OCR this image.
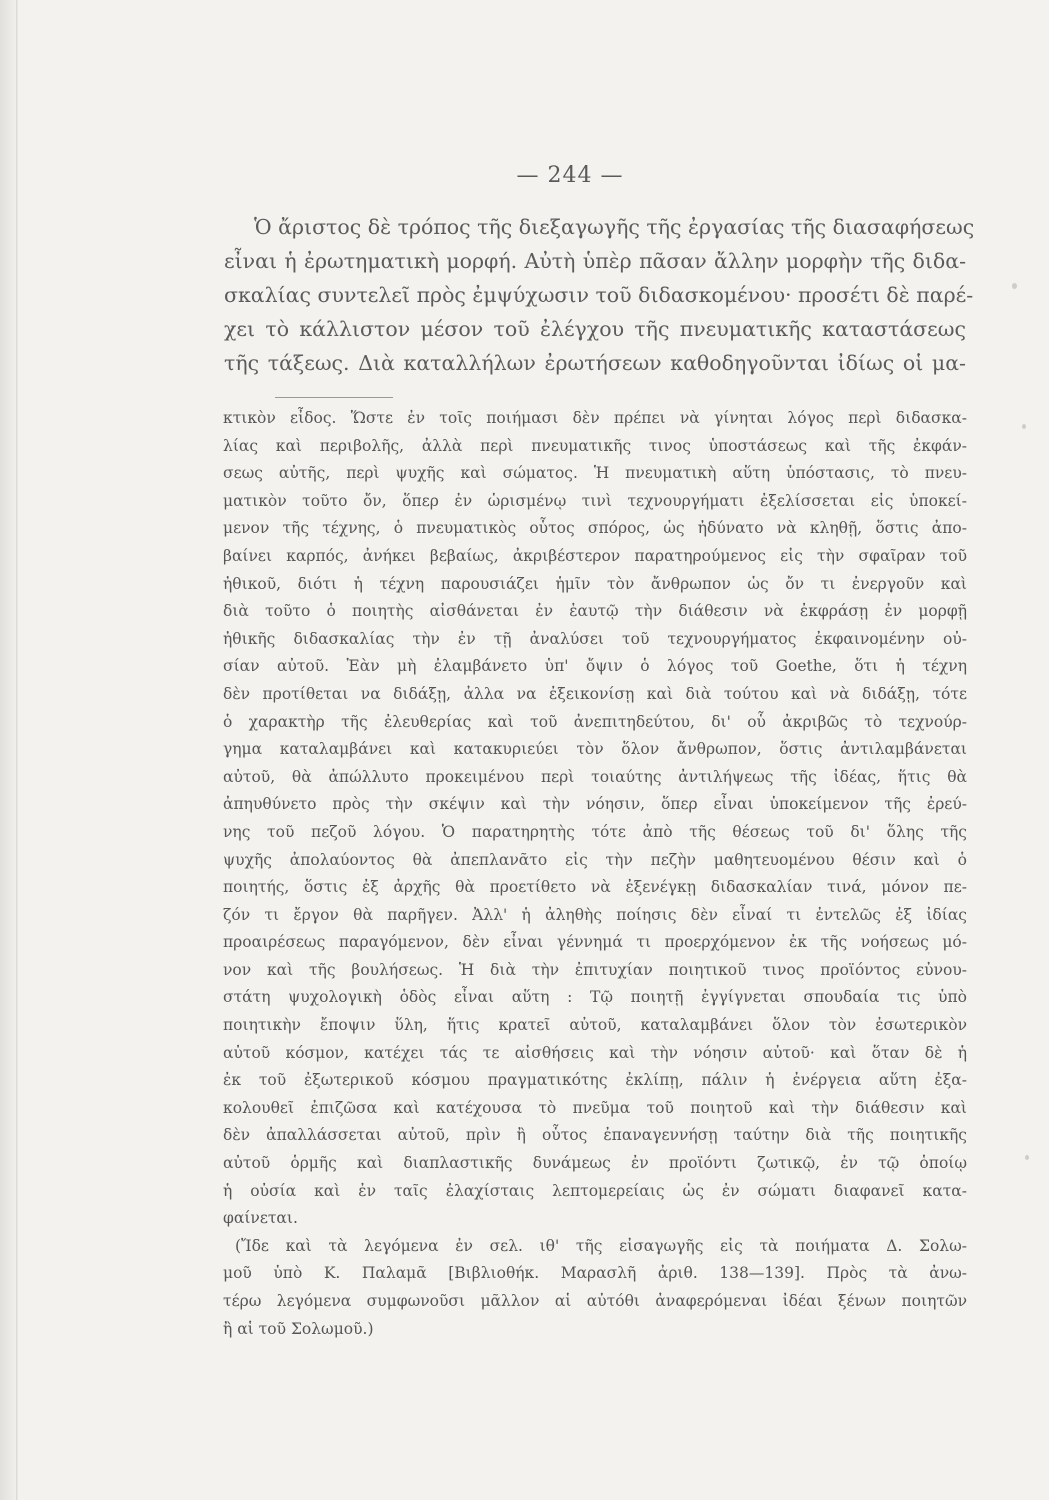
— 244 —
Ὁ ἄριστος δὲ τρόπος τῆς διεξαγωγῆς τῆς ἐργασίας τῆς διασαφήσεως
εἶναι ἡ ἐρωτηματικὴ μορφή. Αὐτὴ ὑπὲρ πᾶσαν ἄλλην μορφὴν τῆς διδα-
σκαλίας συντελεῖ πρὸς ἐμψύχωσιν τοῦ διδασκομένου· προσέτι δὲ παρέ-
χει τὸ κάλλιστον μέσον τοῦ ἐλέγχου τῆς πνευματικῆς καταστάσεως
τῆς τάξεως. Διὰ καταλλήλων ἐρωτήσεων καθοδηγοῦνται ἰδίως οἱ μα-
κτικὸν εἶδος. Ὥστε ἐν τοῖς ποιήμασι δὲν πρέπει νὰ γίνηται λόγος περὶ διδασκα-
λίας καὶ περιβολῆς, ἀλλὰ περὶ πνευματικῆς τινος ὑποστάσεως καὶ τῆς ἐκφάν-
σεως αὐτῆς, περὶ ψυχῆς καὶ σώματος. Ἡ πνευματικὴ αὕτη ὑπόστασις, τὸ πνευ-
ματικὸν τοῦτο ὄν, ὅπερ ἐν ὡρισμένῳ τινὶ τεχνουργήματι ἐξελίσσεται εἰς ὑποκεί-
μενον τῆς τέχνης, ὁ πνευματικὸς οὗτος σπόρος, ὡς ἠδύνατο νὰ κληθῇ, ὅστις ἀπο-
βαίνει καρπός, ἀνήκει βεβαίως, ἀκριβέστερον παρατηρούμενος εἰς τὴν σφαῖραν τοῦ
ἠθικοῦ, διότι ἡ τέχνη παρουσιάζει ἡμῖν τὸν ἄνθρωπον ὡς ὄν τι ἐνεργοῦν καὶ
διὰ τοῦτο ὁ ποιητὴς αἰσθάνεται ἐν ἑαυτῷ τὴν διάθεσιν νὰ ἐκφράσῃ ἐν μορφῇ
ἠθικῆς διδασκαλίας τὴν ἐν τῇ ἀναλύσει τοῦ τεχνουργήματος ἐκφαινομένην οὐ-
σίαν αὐτοῦ. Ἐὰν μὴ ἐλαμβάνετο ὑπ' ὄψιν ὁ λόγος τοῦ Goethe, ὅτι ἡ τέχνη
δὲν προτίθεται να διδάξῃ, ἀλλα να ἐξεικονίσῃ καὶ διὰ τούτου καὶ νὰ διδάξῃ, τότε
ὁ χαρακτὴρ τῆς ἐλευθερίας καὶ τοῦ ἀνεπιτηδεύτου, δι' οὗ ἀκριβῶς τὸ τεχνούρ-
γημα καταλαμβάνει καὶ κατακυριεύει τὸν ὅλον ἄνθρωπον, ὅστις ἀντιλαμβάνεται
αὐτοῦ, θὰ ἀπώλλυτο προκειμένου περὶ τοιαύτης ἀντιλήψεως τῆς ἰδέας, ἥτις θὰ
ἀπηυθύνετο πρὸς τὴν σκέψιν καὶ τὴν νόησιν, ὅπερ εἶναι ὑποκείμενον τῆς ἐρεύ-
νης τοῦ πεζοῦ λόγου. Ὁ παρατηρητὴς τότε ἀπὸ τῆς θέσεως τοῦ δι' ὅλης τῆς
ψυχῆς ἀπολαύοντος θὰ ἀπεπλανᾶτο εἰς τὴν πεζὴν μαθητευομένου θέσιν καὶ ὁ
ποιητής, ὅστις ἐξ ἀρχῆς θὰ προετίθετο νὰ ἐξενέγκῃ διδασκαλίαν τινά, μόνον πε-
ζόν τι ἔργον θὰ παρῆγεν. Ἀλλ' ἡ ἀληθὴς ποίησις δὲν εἶναί τι ἐντελῶς ἐξ ἰδίας
προαιρέσεως παραγόμενον, δὲν εἶναι γέννημά τι προερχόμενον ἐκ τῆς νοήσεως μό-
νον καὶ τῆς βουλήσεως. Ἡ διὰ τὴν ἐπιτυχίαν ποιητικοῦ τινος προϊόντος εὐνου-
στάτη ψυχολογικὴ ὁδὸς εἶναι αὕτη : Τῷ ποιητῇ ἐγγίγνεται σπουδαία τις ὑπὸ
ποιητικὴν ἔποψιν ὕλη, ἥτις κρατεῖ αὐτοῦ, καταλαμβάνει ὅλον τὸν ἐσωτερικὸν
αὐτοῦ κόσμον, κατέχει τάς τε αἰσθήσεις καὶ τὴν νόησιν αὐτοῦ· καὶ ὅταν δὲ ἡ
ἐκ τοῦ ἐξωτερικοῦ κόσμου πραγματικότης ἐκλίπῃ, πάλιν ἡ ἐνέργεια αὕτη ἐξα-
κολουθεῖ ἐπιζῶσα καὶ κατέχουσα τὸ πνεῦμα τοῦ ποιητοῦ καὶ τὴν διάθεσιν καὶ
δὲν ἀπαλλάσσεται αὐτοῦ, πρὶν ἢ οὗτος ἐπαναγεννήσῃ ταύτην διὰ τῆς ποιητικῆς
αὐτοῦ ὁρμῆς καὶ διαπλαστικῆς δυνάμεως ἐν προϊόντι ζωτικῷ, ἐν τῷ ὁποίῳ
ἡ οὐσία καὶ ἐν ταῖς ἐλαχίσταις λεπτομερείαις ὡς ἐν σώματι διαφανεῖ κατα-
φαίνεται.
(Ἴδε καὶ τὰ λεγόμενα ἐν σελ. ιθ' τῆς εἰσαγωγῆς εἰς τὰ ποιήματα Δ. Σολω-
μοῦ ὑπὸ Κ. Παλαμᾶ [Βιβλιοθήκ. Μαρασλῆ ἀριθ. 138—139]. Πρὸς τὰ ἀνω-
τέρω λεγόμενα συμφωνοῦσι μᾶλλον αἱ αὐτόθι ἀναφερόμεναι ἰδέαι ξένων ποιητῶν
ἢ αἱ τοῦ Σολωμοῦ.)
